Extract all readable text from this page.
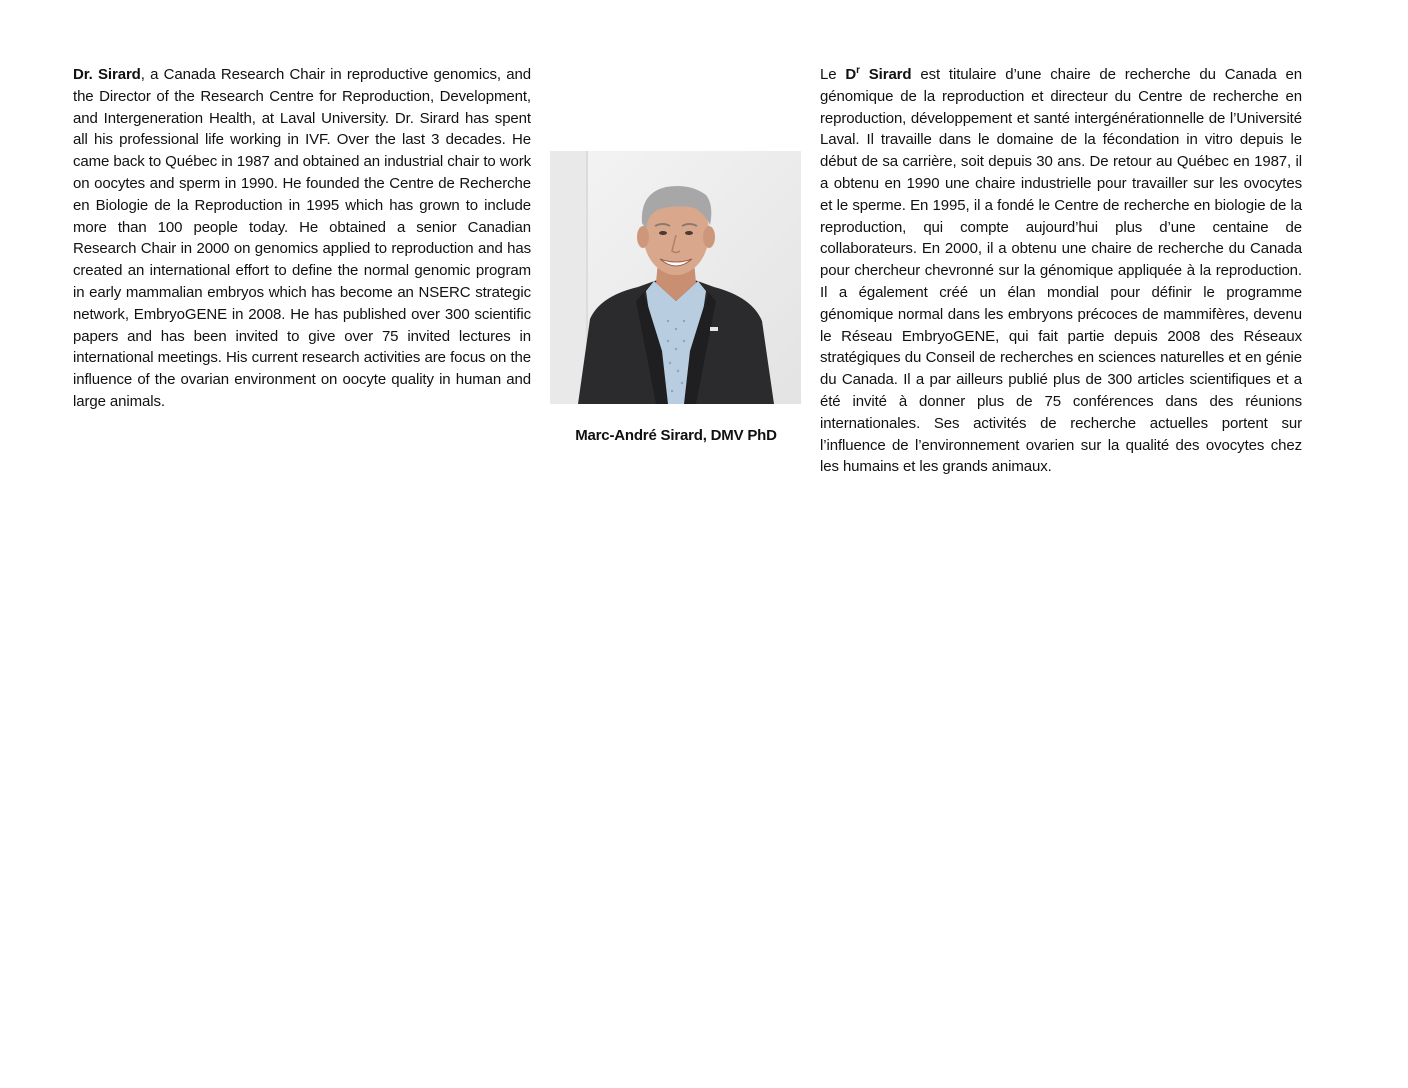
Dr. Sirard, a Canada Research Chair in reproductive genomics, and the Director of the Research Centre for Reproduction, Development, and Intergeneration Health, at Laval University. Dr. Sirard has spent all his professional life working in IVF. Over the last 3 decades. He came back to Québec in 1987 and obtained an industrial chair to work on oocytes and sperm in 1990. He founded the Centre de Recherche en Biologie de la Reproduction in 1995 which has grown to include more than 100 people today. He obtained a senior Canadian Research Chair in 2000 on genomics applied to reproduction and has created an international effort to define the normal genomic program in early mammalian embryos which has become an NSERC strategic network, EmbryoGENE in 2008. He has published over 300 scientific papers and has been invited to give over 75 invited lectures in international meetings. His current research activities are focus on the influence of the ovarian environment on oocyte quality in human and large animals.

Marc-André Sirard, DMV PhD

Le $D^r$ Sirard est titulaire d’une chaire de recherche du Canada en génomique de la reproduction et directeur du Centre de recherche en reproduction, développement et santé intergénérationnelle de l’Université Laval. Il travaille dans le domaine de la fécondation in vitro depuis le début de sa carrière, soit depuis 30 ans. De retour au Québec en 1987, il a obtenu en 1990 une chaire industrielle pour travailler sur les ovocytes et le sperme. En 1995, il a fondé le Centre de recherche en biologie de la reproduction, qui compte aujourd’hui plus d’une centaine de collaborateurs. En 2000, il a obtenu une chaire de recherche du Canada pour chercheur chevronné sur la génomique appliquée à la reproduction. Il a également créé un élan mondial pour définir le programme génomique normal dans les embryons précoces de mammifères, devenu le Réseau EmbryoGENE, qui fait partie depuis 2008 des Réseaux stratégiques du Conseil de recherches en sciences naturelles et en génie du Canada. Il a par ailleurs publié plus de 300 articles scientifiques et a été invité à donner plus de 75 conférences dans des réunions internationales. Ses activités de recherche actuelles portent sur l’influence de l’environnement ovarien sur la qualité des ovocytes chez les humains et les grands animaux.
